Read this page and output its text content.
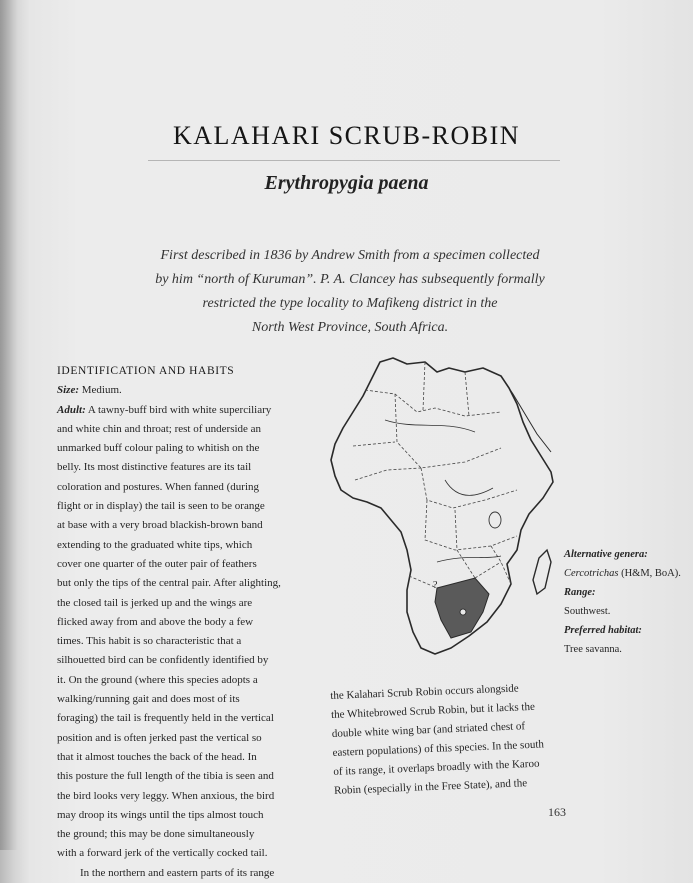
KALAHARI SCRUB-ROBIN
Erythropygia paena
First described in 1836 by Andrew Smith from a specimen collected
by him “north of Kuruman”. P. A. Clancey has subsequently formally
restricted the type locality to Mafikeng district in the
North West Province, South Africa.
IDENTIFICATION AND HABITS
Size: Medium.
Adult: A tawny-buff bird with white superciliary
and white chin and throat; rest of underside an
unmarked buff colour paling to whitish on the
belly. Its most distinctive features are its tail
coloration and postures. When fanned (during
flight or in display) the tail is seen to be orange
at base with a very broad blackish-brown band
extending to the graduated white tips, which
cover one quarter of the outer pair of feathers
but only the tips of the central pair. After alighting,
the closed tail is jerked up and the wings are
flicked away from and above the body a few
times. This habit is so characteristic that a
silhouetted bird can be confidently identified by
it. On the ground (where this species adopts a
walking/running gait and does most of its
foraging) the tail is frequently held in the vertical
position and is often jerked past the vertical so
that it almost touches the back of the head. In
this posture the full length of the tibia is seen and
the bird looks very leggy. When anxious, the bird
may droop its wings until the tips almost touch
the ground; this may be done simultaneously
with a forward jerk of the vertically cocked tail.
In the northern and eastern parts of its range
?
Alternative genera:
Cercotrichas (H&M, BoA).
Range:
Southwest.
Preferred habitat:
Tree savanna.
the Kalahari Scrub Robin occurs alongside
the Whitebrowed Scrub Robin, but it lacks the
double white wing bar (and striated chest of
eastern populations) of this species. In the south
of its range, it overlaps broadly with the Karoo
Robin (especially in the Free State), and the
163
